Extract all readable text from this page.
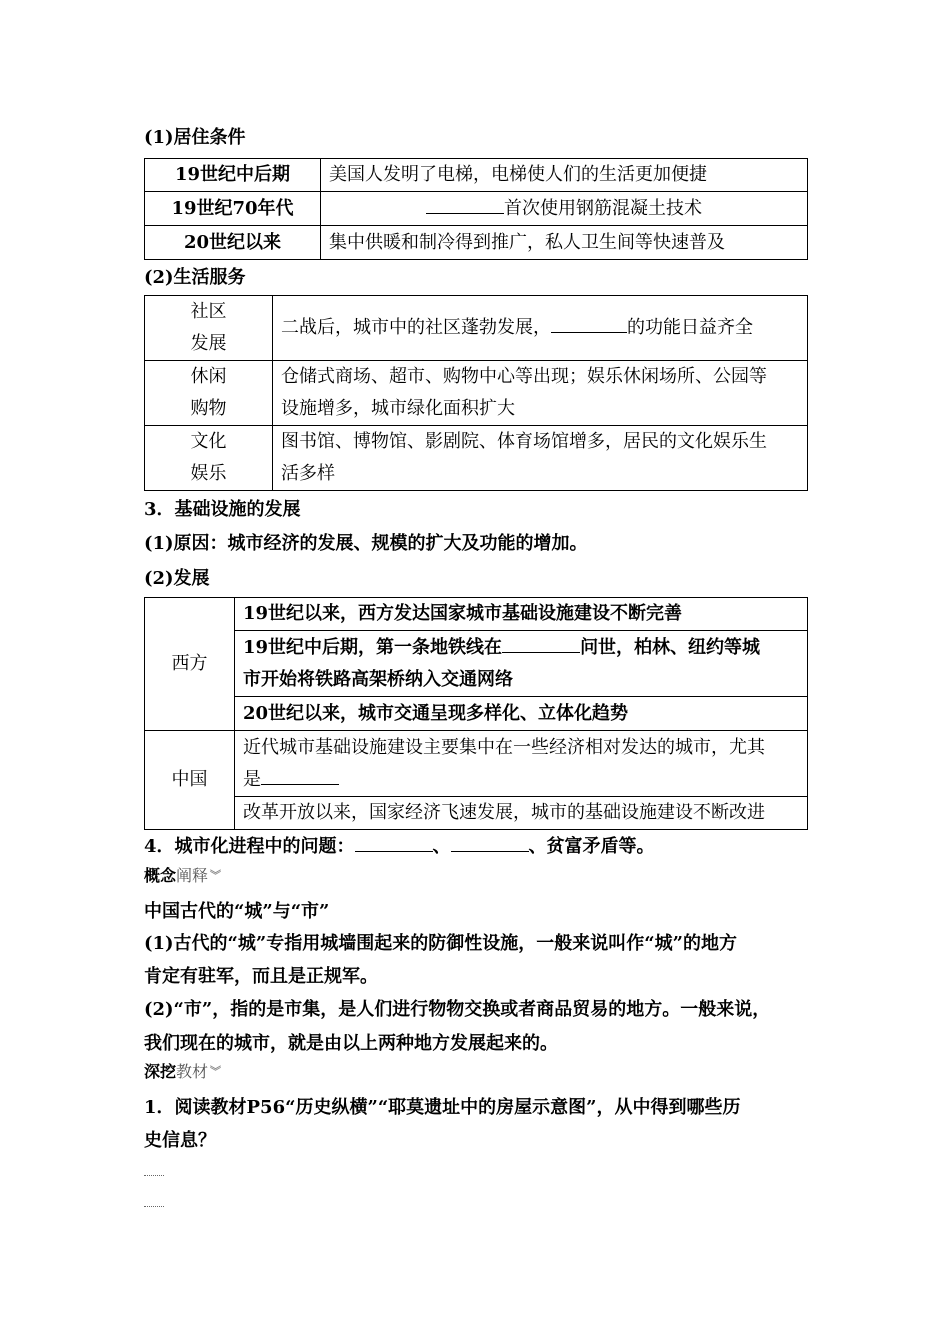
(1)居住条件
19世纪中后期	美国人发明了电梯，电梯使人们的生活更加便捷
19世纪70年代	首次使用钢筋混凝土技术
20世纪以来	集中供暖和制冷得到推广，私人卫生间等快速普及
(2)生活服务
社区
发展	二战后，城市中的社区蓬勃发展， 的功能日益齐全
休闲
购物	仓储式商场、超市、购物中心等出现；娱乐休闲场所、公园等
设施增多，城市绿化面积扩大
文化
娱乐	图书馆、博物馆、影剧院、体育场馆增多，居民的文化娱乐生
活多样
3．基础设施的发展
(1)原因：城市经济的发展、规模的扩大及功能的增加。
(2)发展
西方	19世纪以来，西方发达国家城市基础设施建设不断完善
	19世纪中后期，第一条地铁线在 问世，柏林、纽约等城
市开始将铁路高架桥纳入交通网络
	20世纪以来，城市交通呈现多样化、立体化趋势
中国	近代城市基础设施建设主要集中在一些经济相对发达的城市，尤其
是
	改革开放以来，国家经济飞速发展，城市的基础设施建设不断改进
4．城市化进程中的问题：	、	、贫富矛盾等。
概念阐释 ︾
中国古代的“城”与“市”
(1)古代的“城”专指用城墙围起来的防御性设施，一般来说叫作“城”的地方
肯定有驻军，而且是正规军。
(2)“市”，指的是市集，是人们进行物物交换或者商品贸易的地方。一般来说，
我们现在的城市，就是由以上两种地方发展起来的。
深挖教材 ︾
1．阅读教材P56“历史纵横”“耶莫遗址中的房屋示意图”，从中得到哪些历
史信息？
